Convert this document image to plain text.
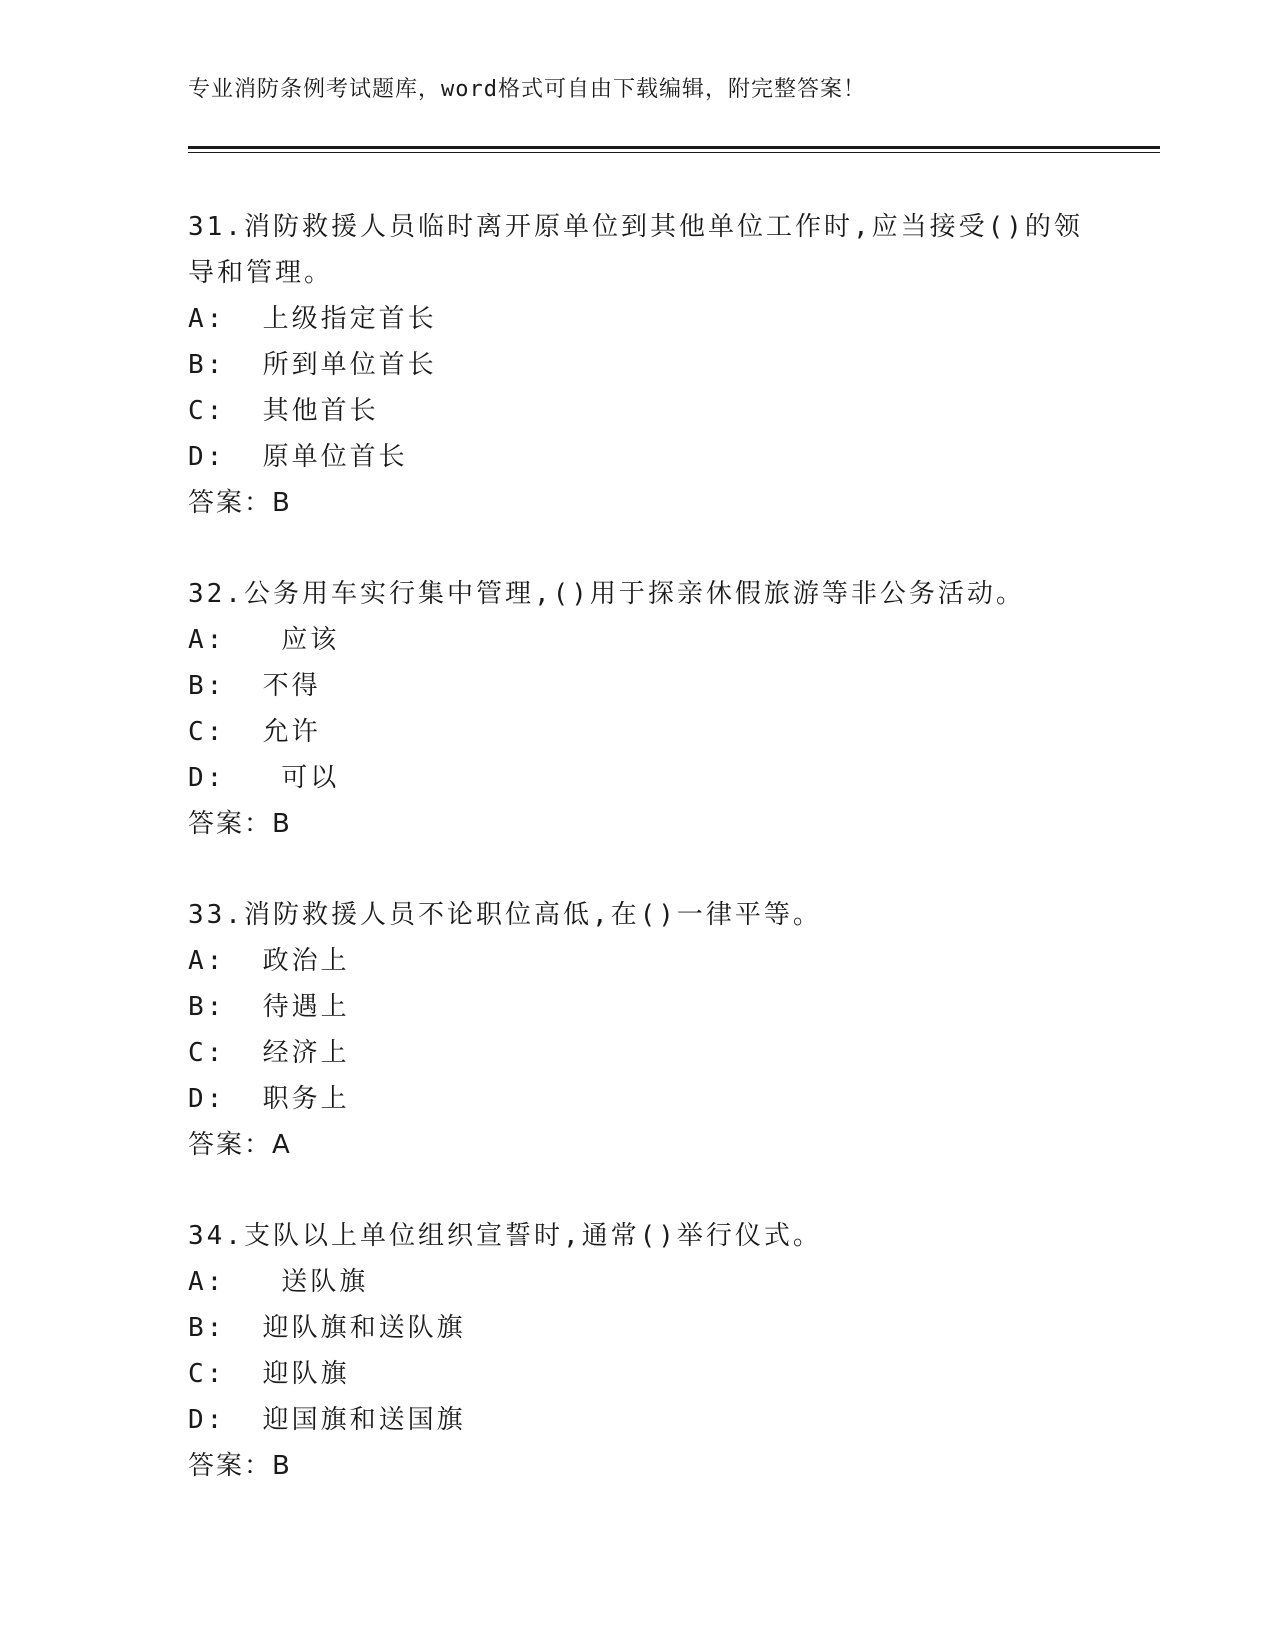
专业消防条例考试题库，word格式可自由下载编辑，附完整答案！

31.消防救援人员临时离开原单位到其他单位工作时,应当接受()的领导和管理。

A:  上级指定首长
B:  所到单位首长
C:  其他首长
D:  原单位首长
答案：B

32.公务用车实行集中管理,()用于探亲休假旅游等非公务活动。

A:   应该
B:  不得
C:  允许
D:   可以
答案：B

33.消防救援人员不论职位高低,在()一律平等。

A:  政治上
B:  待遇上
C:  经济上
D:  职务上
答案：A

34.支队以上单位组织宣誓时,通常()举行仪式。

A:   送队旗
B:  迎队旗和送队旗
C:  迎队旗
D:  迎国旗和送国旗
答案：B
